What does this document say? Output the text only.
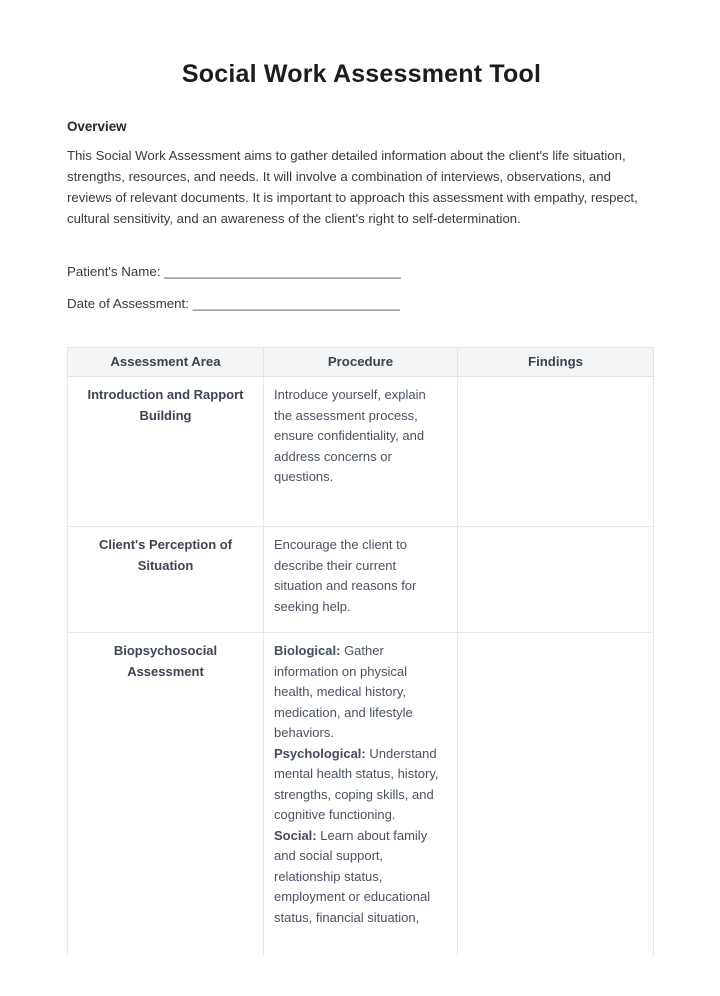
Social Work Assessment Tool
Overview

This Social Work Assessment aims to gather detailed information about the client's life situation, strengths, resources, and needs. It will involve a combination of interviews, observations, and reviews of relevant documents. It is important to approach this assessment with empathy, respect, cultural sensitivity, and an awareness of the client's right to self-determination.

Patient's Name: ________________________________
Date of Assessment: ____________________________
Assessment Area	Procedure	Findings
Introduction and Rapport Building	Introduce yourself, explain the assessment process, ensure confidentiality, and address concerns or questions.	

Client's Perception of Situation	Encourage the client to describe their current situation and reasons for seeking help.	

Biopsychosocial Assessment	Biological: Gather information on physical health, medical history, medication, and lifestyle behaviors.
Psychological: Understand mental health status, history, strengths, coping skills, and cognitive functioning.
Social: Learn about family and social support, relationship status, employment or educational status, financial situation,	
